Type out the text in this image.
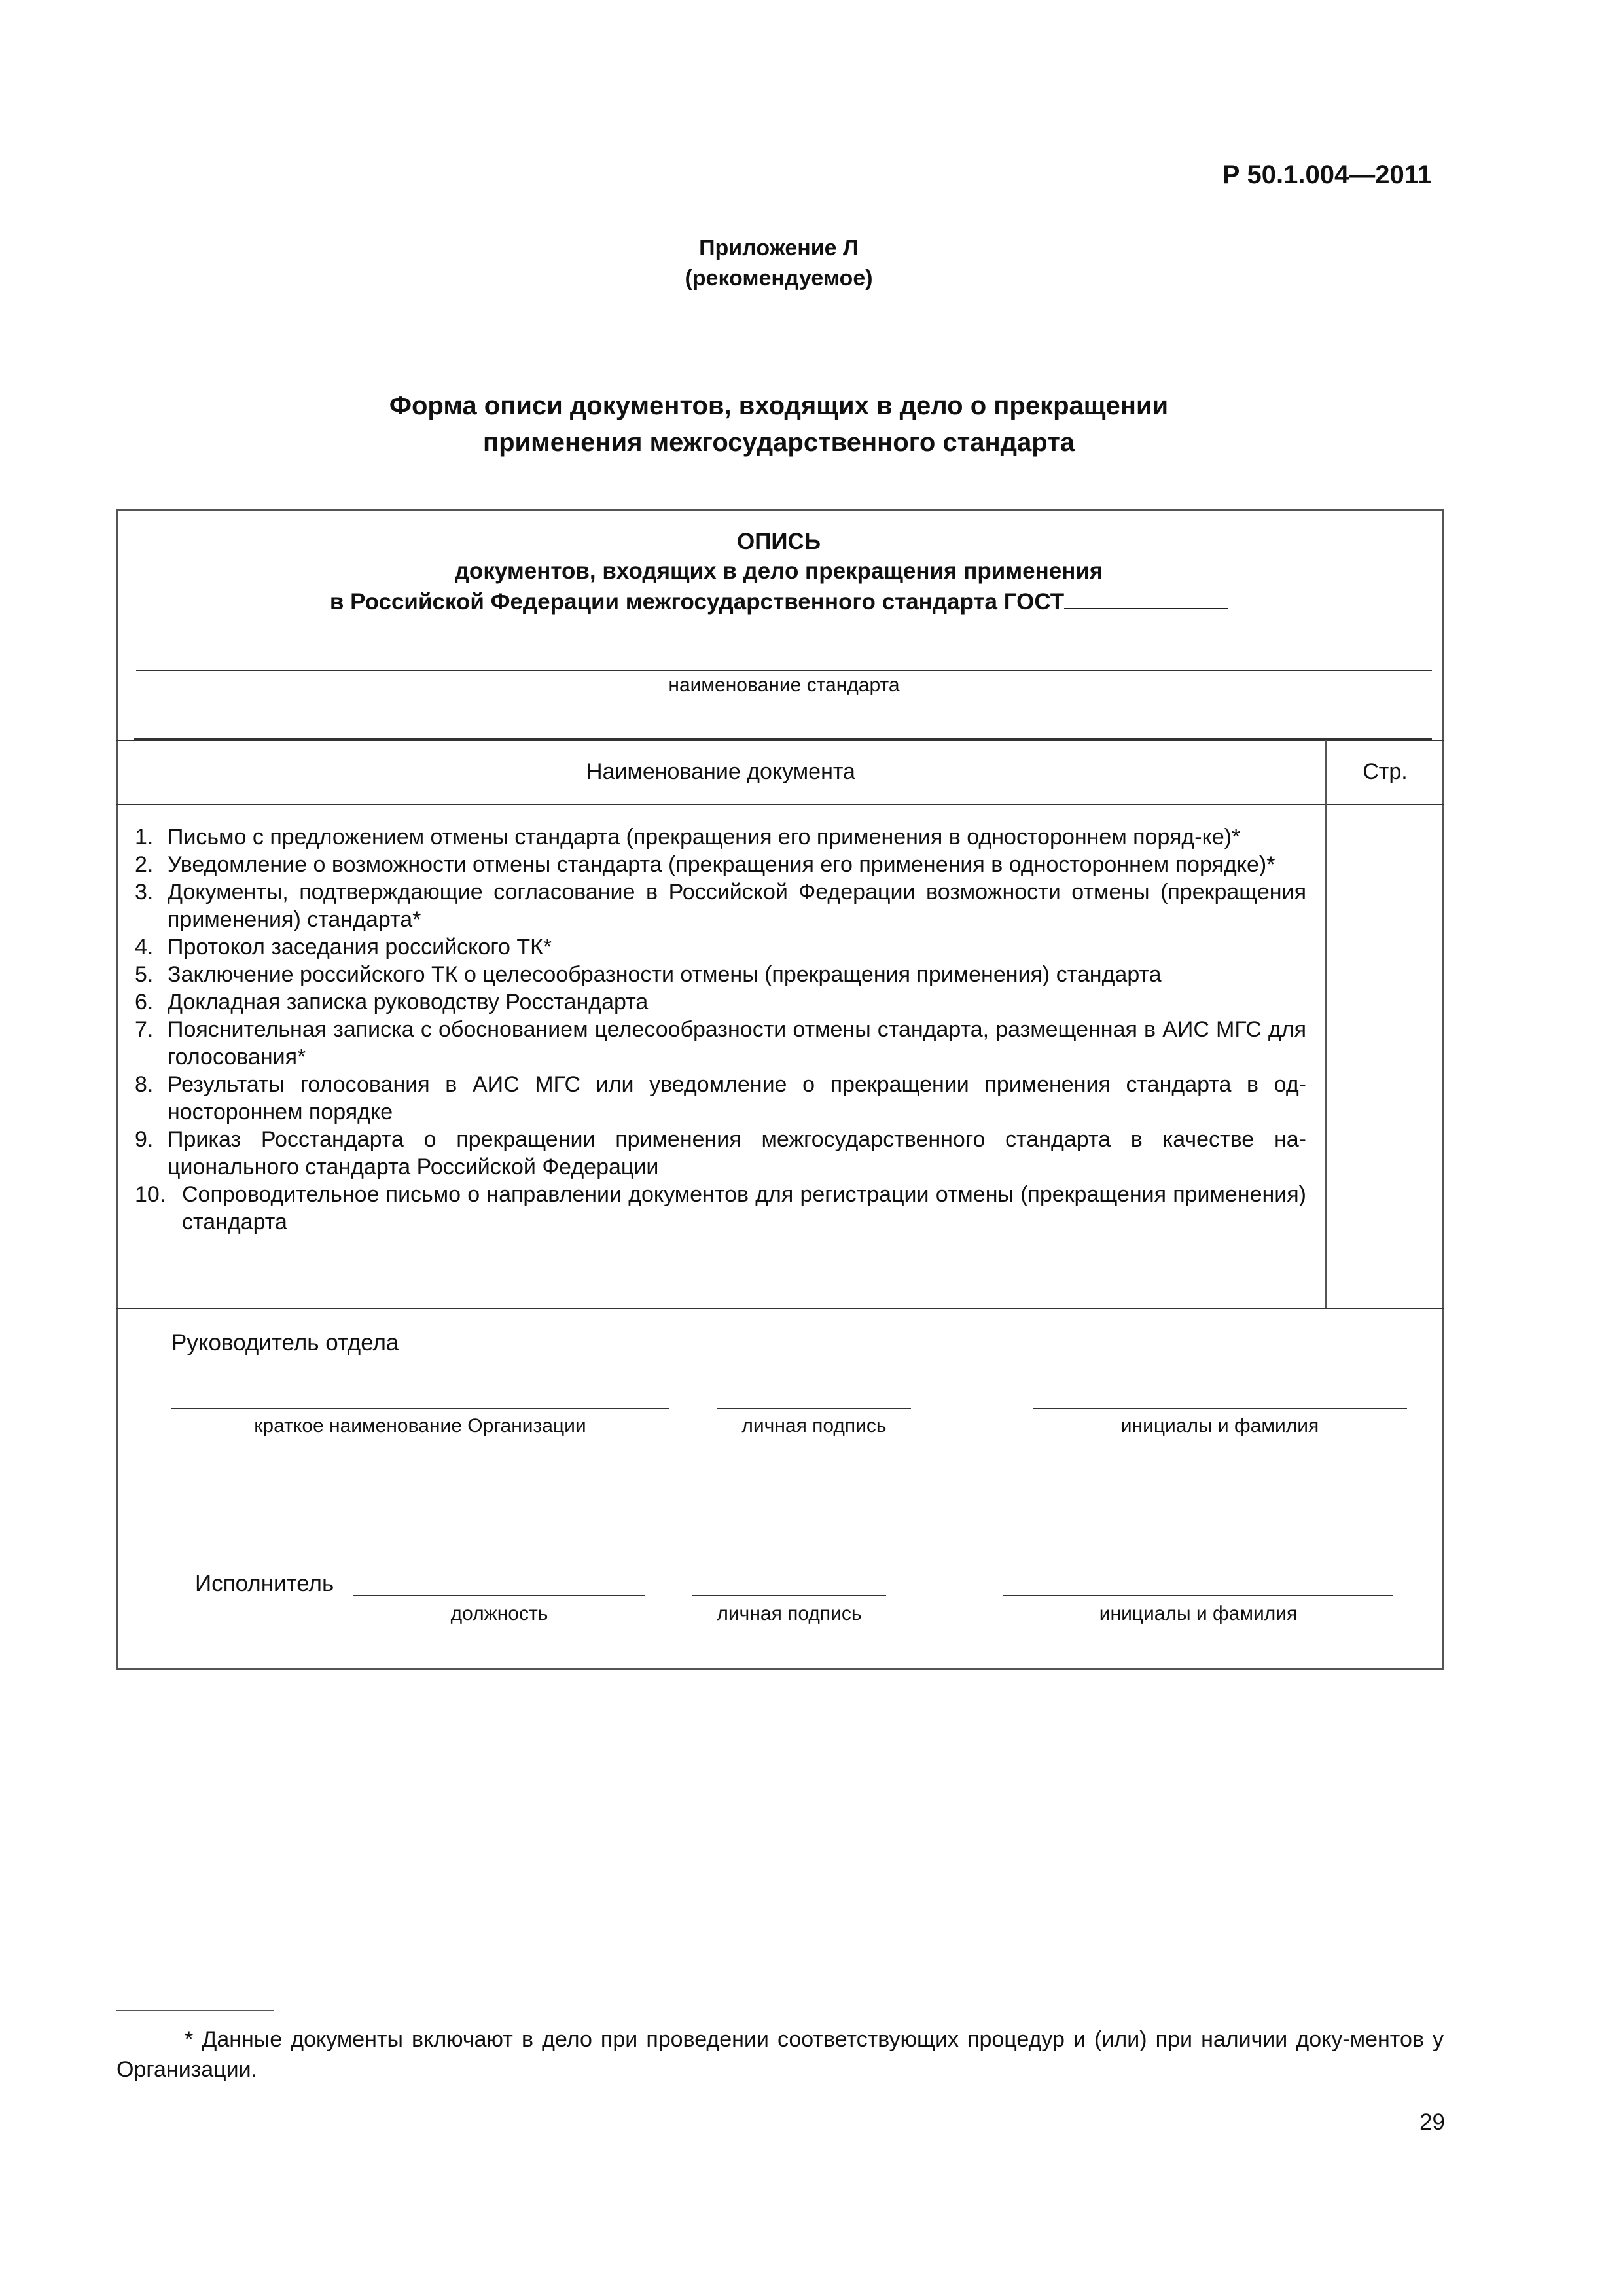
Р 50.1.004—2011
Приложение Л
(рекомендуемое)
Форма описи документов, входящих в дело о прекращении
применения межгосударственного стандарта
ОПИСЬ
документов, входящих в дело прекращения применения
в Российской Федерации межгосударственного стандарта ГОСТ
наименование стандарта
Наименование документа	Стр.
1. Письмо с предложением отмены стандарта (прекращения его применения в одностороннем поряд-ке)*
2. Уведомление о возможности отмены стандарта (прекращения его применения в одностороннем порядке)*
3. Документы, подтверждающие согласование в Российской Федерации возможности отмены (прекращения применения) стандарта*
4. Протокол заседания российского ТК*
5. Заключение российского ТК о целесообразности отмены (прекращения применения) стандарта
6. Докладная записка руководству Росстандарта
7. Пояснительная записка с обоснованием целесообразности отмены стандарта, размещенная в АИС МГС для голосования*
8. Результаты голосования в АИС МГС или уведомление о прекращении применения стандарта в од-ностороннем порядке
9. Приказ Росстандарта о прекращении применения межгосударственного стандарта в качестве на-ционального стандарта Российской Федерации
10. Сопроводительное письмо о направлении документов для регистрации отмены (прекращения применения) стандарта
Руководитель отдела
краткое наименование Организации	личная подпись	инициалы и фамилия
Исполнитель
должность	личная подпись	инициалы и фамилия
* Данные документы включают в дело при проведении соответствующих процедур и (или) при наличии доку-ментов у Организации.
29
